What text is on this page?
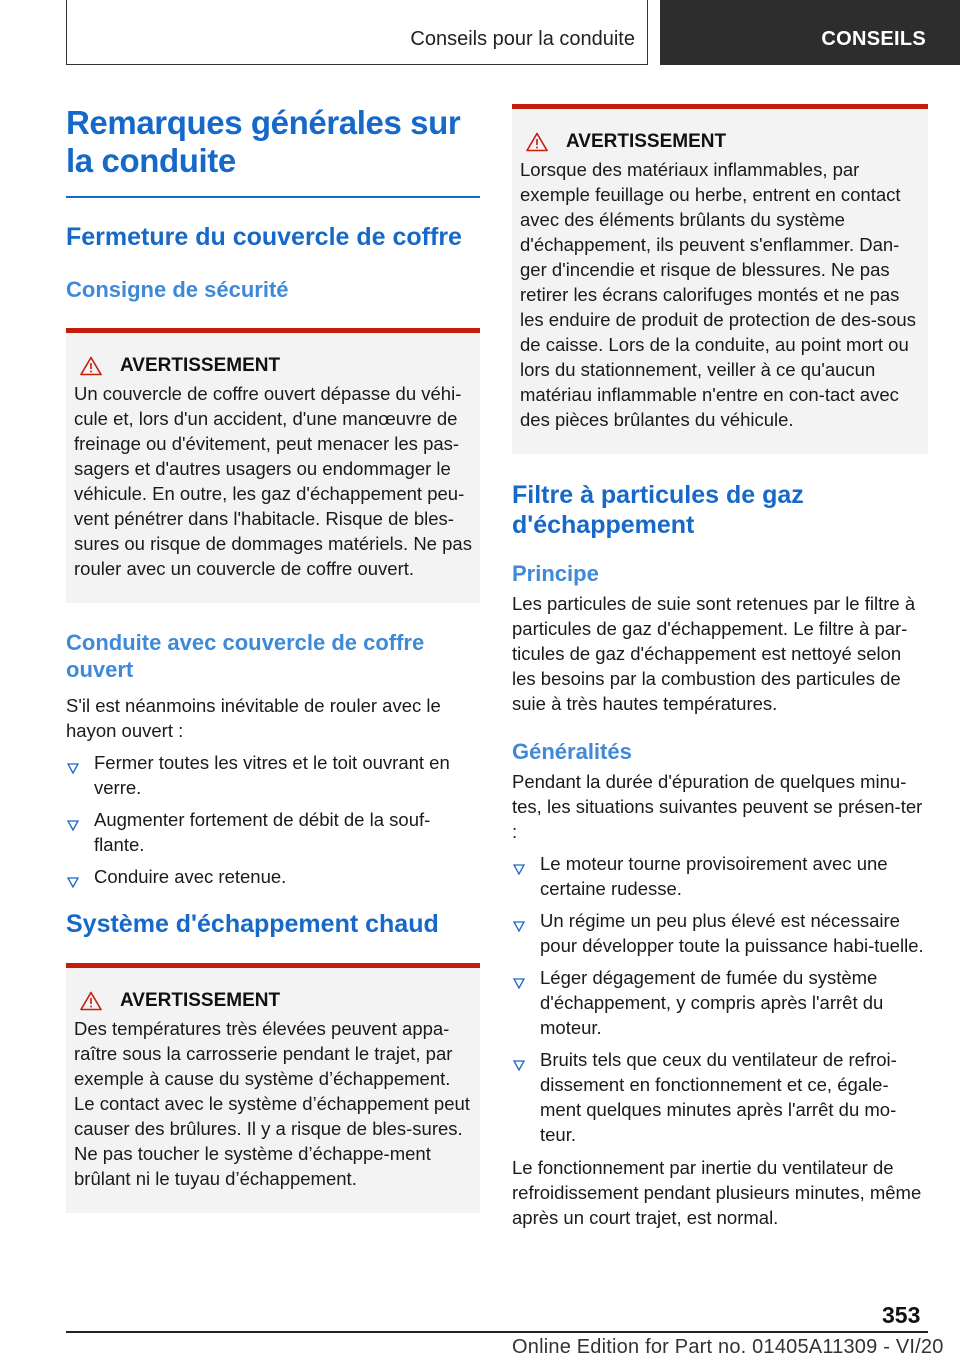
Conseils pour la conduite	CONSEILS
Remarques générales sur la conduite
Fermeture du couvercle de coffre
Consigne de sécurité
AVERTISSEMENT

Un couvercle de coffre ouvert dépasse du véhi-cule et, lors d'un accident, d'une manœuvre de freinage ou d'évitement, peut menacer les pas-sagers et d'autres usagers ou endommager le véhicule. En outre, les gaz d'échappement peu-vent pénétrer dans l'habitacle. Risque de bles-sures ou risque de dommages matériels. Ne pas rouler avec un couvercle de coffre ouvert.

Conduite avec couvercle de coffre ouvert

S'il est néanmoins inévitable de rouler avec le hayon ouvert :

Fermer toutes les vitres et le toit ouvrant en verre.
Augmenter fortement de débit de la souf-flante.
Conduire avec retenue.
Système d'échappement chaud
AVERTISSEMENT

Des températures très élevées peuvent appa-raître sous la carrosserie pendant le trajet, par exemple à cause du système d’échappement. Le contact avec le système d’échappement peut causer des brûlures. Il y a risque de bles-sures. Ne pas toucher le système d’échappe-ment brûlant ni le tuyau d’échappement.

AVERTISSEMENT

Lorsque des matériaux inflammables, par exemple feuillage ou herbe, entrent en contact avec des éléments brûlants du système d'échappement, ils peuvent s'enflammer. Dan-ger d'incendie et risque de blessures. Ne pas retirer les écrans calorifuges montés et ne pas les enduire de produit de protection de des-sous de caisse. Lors de la conduite, au point mort ou lors du stationnement, veiller à ce qu'aucun matériau inflammable n'entre en con-tact avec des pièces brûlantes du véhicule.

Filtre à particules de gaz d'échappement
Principe

Les particules de suie sont retenues par le filtre à particules de gaz d'échappement. Le filtre à par-ticules de gaz d'échappement est nettoyé selon les besoins par la combustion des particules de suie à très hautes températures.

Généralités

Pendant la durée d'épuration de quelques minu-tes, les situations suivantes peuvent se présen-ter :

Le moteur tourne provisoirement avec une certaine rudesse.
Un régime un peu plus élevé est nécessaire pour développer toute la puissance habi-tuelle.
Léger dégagement de fumée du système d'échappement, y compris après l'arrêt du moteur.
Bruits tels que ceux du ventilateur de refroi-dissement en fonctionnement et ce, égale-ment quelques minutes après l'arrêt du mo-teur.

Le fonctionnement par inertie du ventilateur de refroidissement pendant plusieurs minutes, même après un court trajet, est normal.

353
Online Edition for Part no. 01405A11309 - VI/20
